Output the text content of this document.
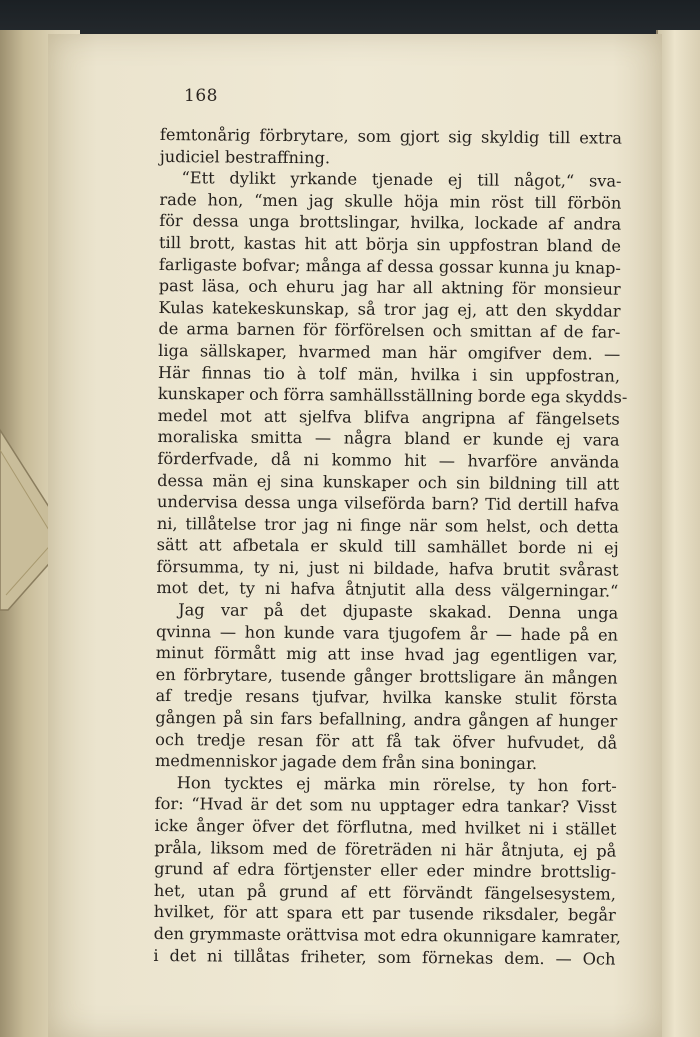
168
femtonårig förbrytare, som gjort sig skyldig till extra
judiciel bestraffning.
“Ett dylikt yrkande tjenade ej till något,“ sva-
rade hon, “men jag skulle höja min röst till förbön
för dessa unga brottslingar, hvilka, lockade af andra
till brott, kastas hit att börja sin uppfostran bland de
farligaste bofvar; många af dessa gossar kunna ju knap-
past läsa, och ehuru jag har all aktning för monsieur
Kulas katekeskunskap, så tror jag ej, att den skyddar
de arma barnen för förförelsen och smittan af de far-
liga sällskaper, hvarmed man här omgifver dem. —
Här finnas tio à tolf män, hvilka i sin uppfostran,
kunskaper och förra samhällsställning borde ega skydds-
medel mot att sjelfva blifva angripna af fängelsets
moraliska smitta — några bland er kunde ej vara
förderfvade, då ni kommo hit — hvarföre använda
dessa män ej sina kunskaper och sin bildning till att
undervisa dessa unga vilseförda barn? Tid dertill hafva
ni, tillåtelse tror jag ni finge när som helst, och detta
sätt att afbetala er skuld till samhället borde ni ej
försumma, ty ni, just ni bildade, hafva brutit svårast
mot det, ty ni hafva åtnjutit alla dess välgerningar.“
Jag var på det djupaste skakad. Denna unga
qvinna — hon kunde vara tjugofem år — hade på en
minut förmått mig att inse hvad jag egentligen var,
en förbrytare, tusende gånger brottsligare än mången
af tredje resans tjufvar, hvilka kanske stulit första
gången på sin fars befallning, andra gången af hunger
och tredje resan för att få tak öfver hufvudet, då
medmenniskor jagade dem från sina boningar.
Hon tycktes ej märka min rörelse, ty hon fort-
for: “Hvad är det som nu upptager edra tankar? Visst
icke ånger öfver det förflutna, med hvilket ni i stället
pråla, liksom med de företräden ni här åtnjuta, ej på
grund af edra förtjenster eller eder mindre brottslig-
het, utan på grund af ett förvändt fängelsesystem,
hvilket, för att spara ett par tusende riksdaler, begår
den grymmaste orättvisa mot edra okunnigare kamrater,
i det ni tillåtas friheter, som förnekas dem. — Och
